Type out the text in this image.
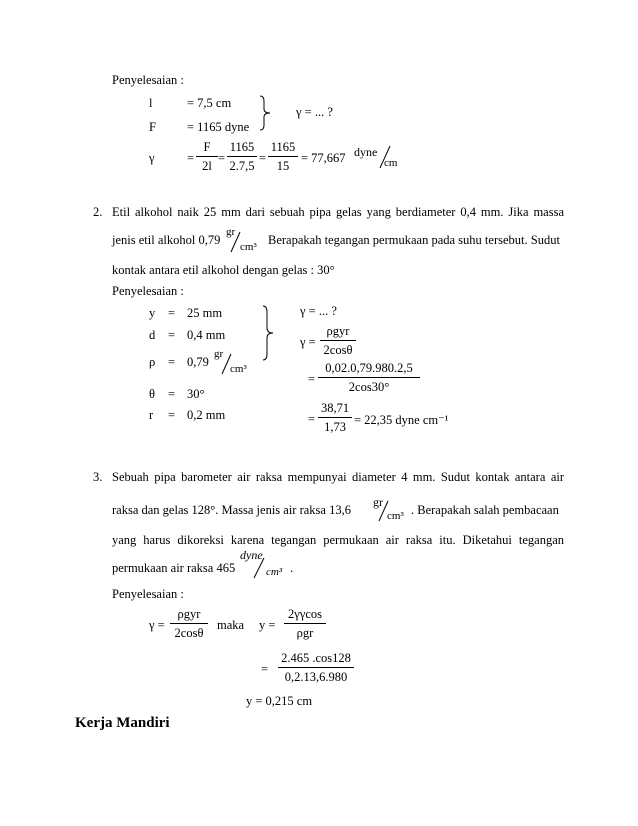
Penyelesaian :
l	= 7,5 cm
F = 1165 dyne
γ = ... ?
γ	= $\frac{F}{2l} = \frac{1165}{2.7,5} = \frac{1165}{15} = 77,667$ dyne
cm
2. Etil alkohol naik 25 mm dari sebuah pipa gelas yang berdiameter 0,4 mm. Jika massa
jenis etil alkohol 0,79
gr
cm³ Berapakah tegangan permukaan pada suhu tersebut. Sudut
kontak antara etil alkohol dengan gelas : 30°
Penyelesaian :
y = 25 mm
d = 0,4 mm
ρ = 0,79
gr
cm³
θ = 30°
r = 0,2 mm
γ = ... ?
γ =
ρgyr
2cosθ
= $\frac{0,02.0,79.980.2,5}{2\cos 30^\circ}$
= $\frac{38,71}{1,73} = 22,35$ dyne cm⁻¹
3. Sebuah pipa barometer air raksa mempunyai diameter 4 mm. Sudut kontak antara air
raksa dan gelas 128°. Massa jenis air raksa 13,6
gr
cm³ . Berapakah salah pembacaan
yang harus dikoreksi karena tegangan permukaan air raksa itu. Diketahui tegangan
permukaan air raksa 465
dyne
cm³ .
Penyelesaian :
γ =
ρgyr
2cosθ
maka y =
2γγcos
ρgr
= $\frac{2.465 .\cos 128}{0,2.13,6.980}$
y = 0,215 cm
Kerja Mandiri
